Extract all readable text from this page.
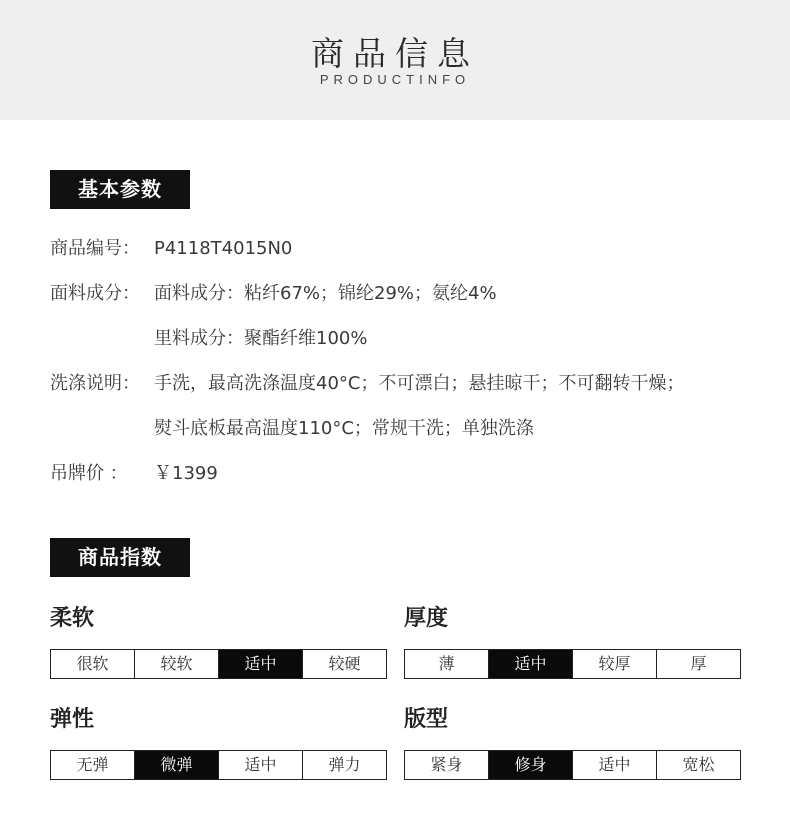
商品信息
PRODUCTINFO
基本参数
商品编号： P4118T4015N0
面料成分： 面料成分：粘纤67%；锦纶29%；氨纶4%
里料成分：聚酯纤维100%
洗涤说明： 手洗，最高洗涤温度40°C；不可漂白；悬挂晾干；不可翻转干燥；
熨斗底板最高温度110°C；常规干洗；单独洗涤
吊牌价 ： ￥1399
商品指数
柔软
很软	较软	适中	较硬
厚度
薄	适中	较厚	厚
弹性
无弹	微弹	适中	弹力
版型
紧身	修身	适中	宽松
